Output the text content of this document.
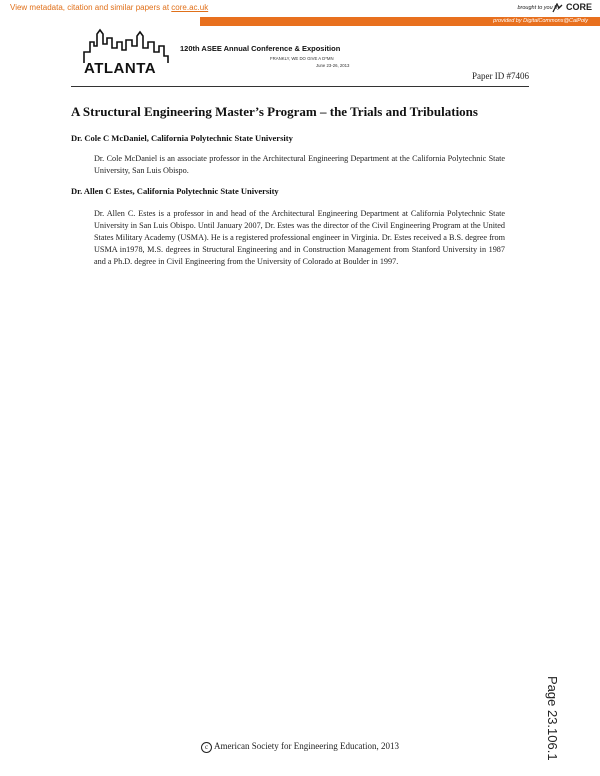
View metadata, citation and similar papers at core.ac.uk	brought to you by CORE
provided by DigitalCommons@CalPoly
ATLANTA
120th ASEE Annual Conference & Exposition
FRANKLY, WE DO GIVE A D*MN
June 23-26, 2013
Paper ID #7406
A Structural Engineering Master’s Program – the Trials and Tribulations
Dr. Cole C McDaniel, California Polytechnic State University
Dr. Cole McDaniel is an associate professor in the Architectural Engineering Department at the California Polytechnic State University, San Luis Obispo.
Dr. Allen C Estes, California Polytechnic State University
Dr. Allen C. Estes is a professor in and head of the Architectural Engineering Department at California Polytechnic State University in San Luis Obispo. Until January 2007, Dr. Estes was the director of the Civil Engineering Program at the United States Military Academy (USMA). He is a registered professional engineer in Virginia. Dr. Estes received a B.S. degree from USMA in1978, M.S. degrees in Structural Engineering and in Construction Management from Stanford University in 1987 and a Ph.D. degree in Civil Engineering from the University of Colorado at Boulder in 1997.
Page 23.106.1
c American Society for Engineering Education, 2013
